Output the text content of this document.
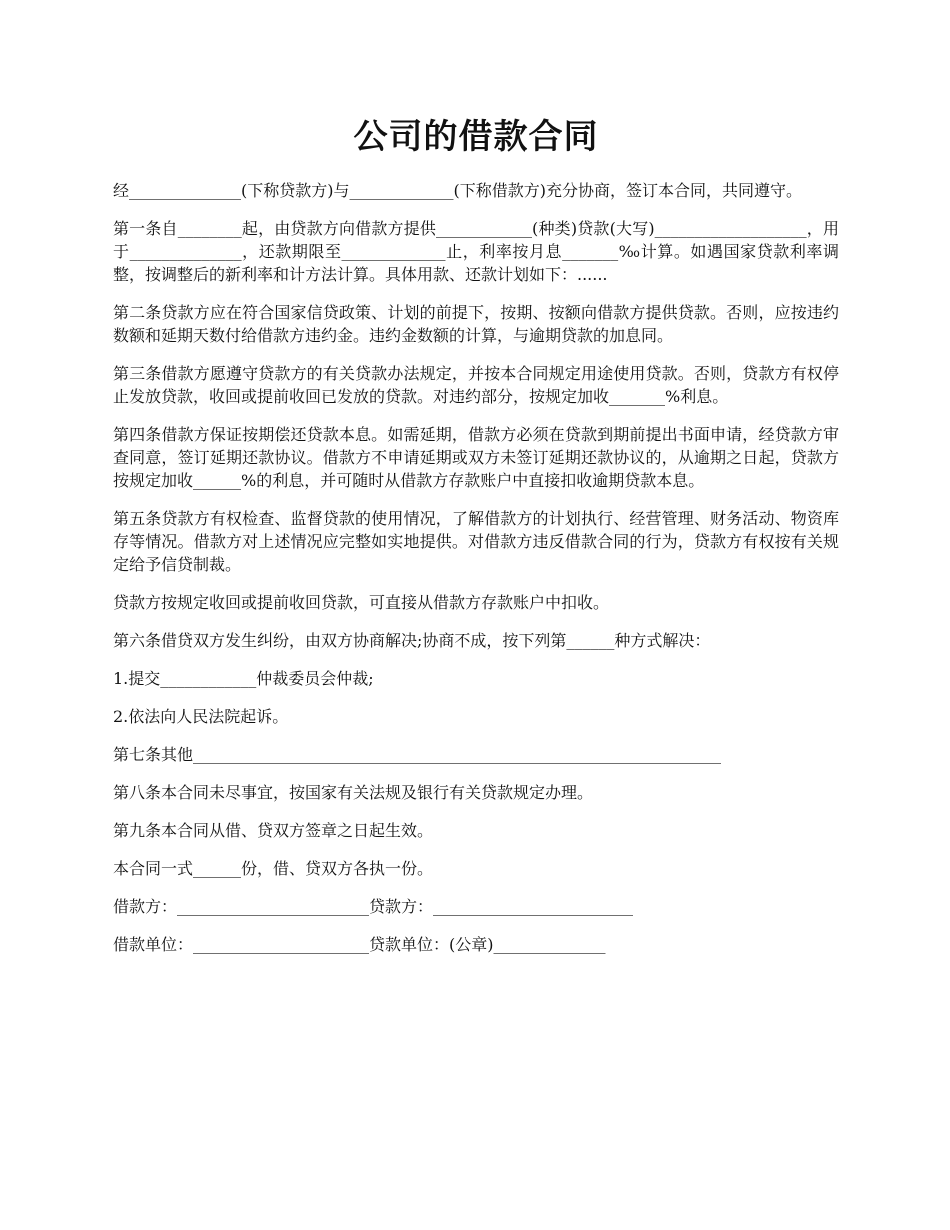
公司的借款合同

经______________(下称贷款方)与_____________(下称借款方)充分协商，签订本合同，共同遵守。

第一条自________起，由贷款方向借款方提供____________(种类)贷款(大写)___________________，用于______________，还款期限至_____________止，利率按月息_______‰计算。如遇国家贷款利率调整，按调整后的新利率和计方法计算。具体用款、还款计划如下：......

第二条贷款方应在符合国家信贷政策、计划的前提下，按期、按额向借款方提供贷款。否则，应按违约数额和延期天数付给借款方违约金。违约金数额的计算，与逾期贷款的加息同。

第三条借款方愿遵守贷款方的有关贷款办法规定，并按本合同规定用途使用贷款。否则，贷款方有权停止发放贷款，收回或提前收回已发放的贷款。对违约部分，按规定加收_______%利息。

第四条借款方保证按期偿还贷款本息。如需延期，借款方必须在贷款到期前提出书面申请，经贷款方审查同意，签订延期还款协议。借款方不申请延期或双方未签订延期还款协议的，从逾期之日起，贷款方按规定加收______%的利息，并可随时从借款方存款账户中直接扣收逾期贷款本息。

第五条贷款方有权检查、监督贷款的使用情况，了解借款方的计划执行、经营管理、财务活动、物资库存等情况。借款方对上述情况应完整如实地提供。对借款方违反借款合同的行为，贷款方有权按有关规定给予信贷制裁。

贷款方按规定收回或提前收回贷款，可直接从借款方存款账户中扣收。

第六条借贷双方发生纠纷，由双方协商解决;协商不成，按下列第______种方式解决：

1.提交____________仲裁委员会仲裁;

2.依法向人民法院起诉。

第七条其他__________________________________________________________________

第八条本合同未尽事宜，按国家有关法规及银行有关贷款规定办理。

第九条本合同从借、贷双方签章之日起生效。

本合同一式______份，借、贷双方各执一份。

借款方：________________________贷款方：_________________________

借款单位：______________________贷款单位：(公章)______________
